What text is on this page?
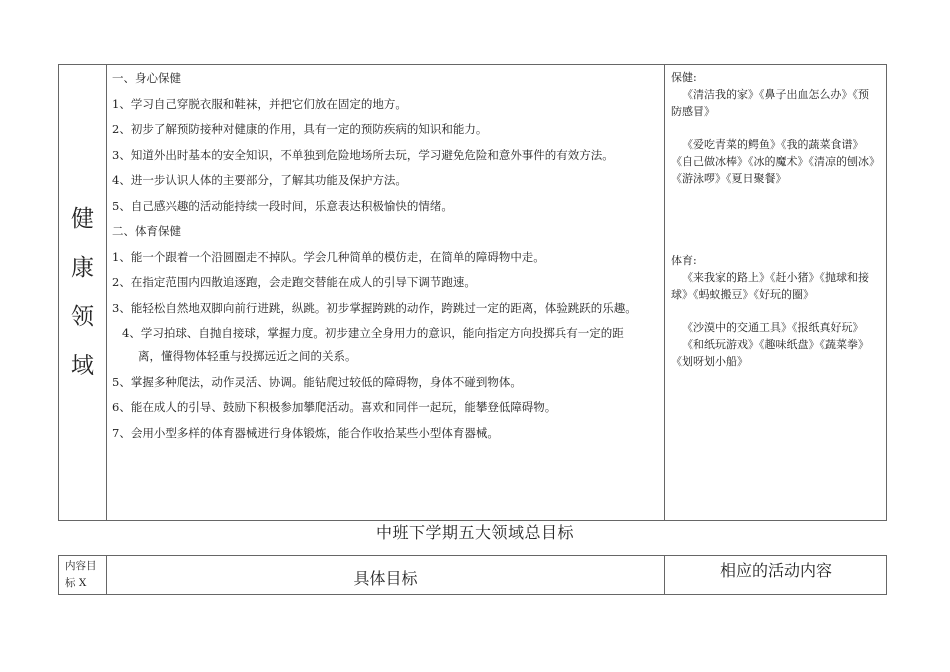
健
康
领
域
一、身心保健
1、学习自己穿脱衣服和鞋袜，并把它们放在固定的地方。
2、初步了解预防接种对健康的作用，具有一定的预防疾病的知识和能力。
3、知道外出时基本的安全知识，不单独到危险地场所去玩，学习避免危险和意外事件的有效方法。
4、进一步认识人体的主要部分，了解其功能及保护方法。
5、自己感兴趣的活动能持续一段时间，乐意表达积极愉快的情绪。
二、体育保健
1、能一个跟着一个沿圆圈走不掉队。学会几种简单的模仿走，在简单的障碍物中走。
2、在指定范围内四散追逐跑，会走跑交替能在成人的引导下调节跑速。
3、能轻松自然地双脚向前行进跳，纵跳。初步掌握跨跳的动作，跨跳过一定的距离，体验跳跃的乐趣。
4、学习拍球、自抛自接球，掌握力度。初步建立全身用力的意识，能向指定方向投掷兵有一定的距
离，懂得物体轻重与投掷远近之间的关系。
5、掌握多种爬法，动作灵活、协调。能钻爬过较低的障碍物，身体不碰到物体。
6、能在成人的引导、鼓励下积极参加攀爬活动。喜欢和同伴一起玩，能攀登低障碍物。
7、会用小型多样的体育器械进行身体锻炼，能合作收拾某些小型体育器械。
保健:
《清洁我的家》《鼻子出血怎么办》《预防感冒》
《爱吃青菜的鳄鱼》《我的蔬菜食谱》《自己做冰棒》《冰的魔术》《清凉的刨冰》《游泳啰》《夏日聚餐》
体育:
《来我家的路上》《赶小猪》《抛球和接球》《蚂蚁搬豆》《好玩的圈》
《沙漠中的交通工具》《报纸真好玩》
《和纸玩游戏》《趣味纸盘》《蔬菜拳》《划呀划小船》
中班下学期五大领域总目标
内容目标 X	具体目标	相应的活动内容
